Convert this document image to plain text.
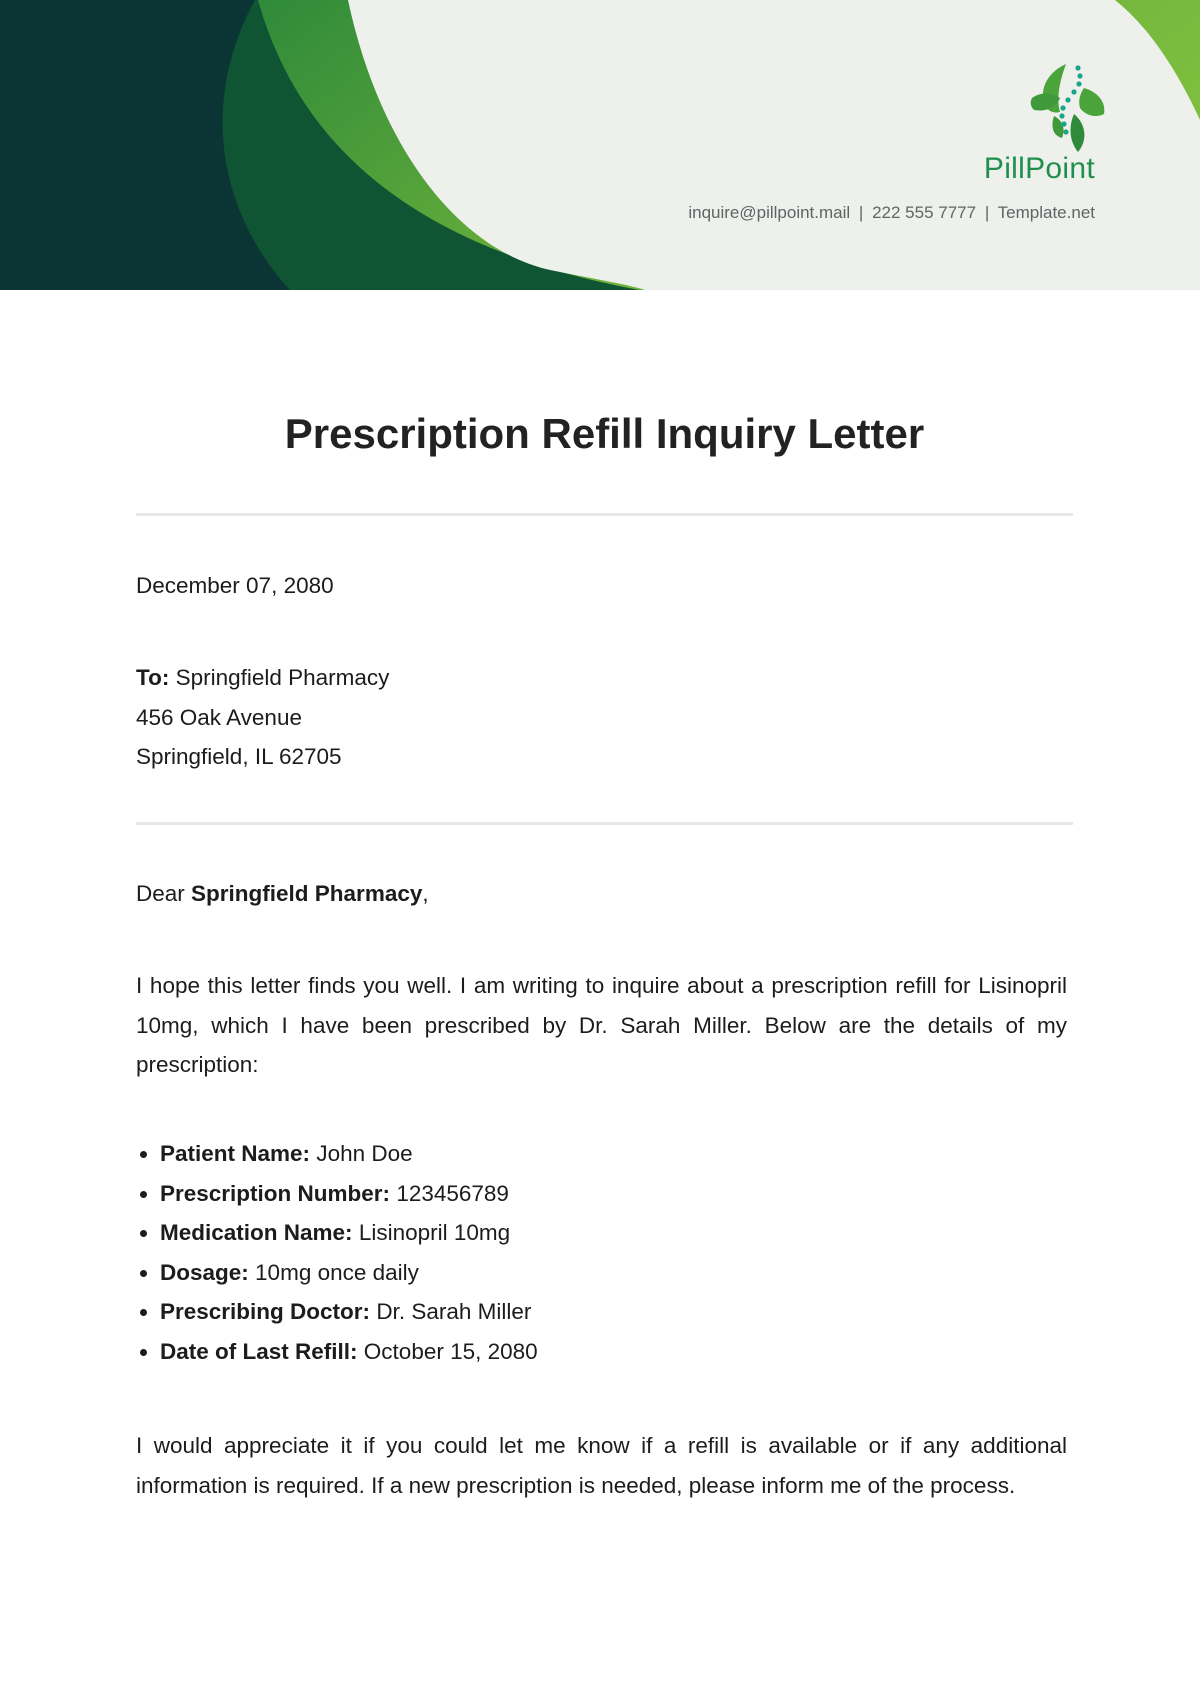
PillPoint
inquire@pillpoint.mail | 222 555 7777 | Template.net
Prescription Refill Inquiry Letter

December 07, 2080

To: Springfield Pharmacy

456 Oak Avenue

Springfield, IL 62705

Dear Springfield Pharmacy,

I hope this letter finds you well. I am writing to inquire about a prescription refill for Lisinopril 10mg, which I have been prescribed by Dr. Sarah Miller. Below are the details of my prescription:

• Patient Name: John Doe
• Prescription Number: 123456789
• Medication Name: Lisinopril 10mg
• Dosage: 10mg once daily
• Prescribing Doctor: Dr. Sarah Miller
• Date of Last Refill: October 15, 2080

I would appreciate it if you could let me know if a refill is available or if any additional information is required. If a new prescription is needed, please inform me of the process.
